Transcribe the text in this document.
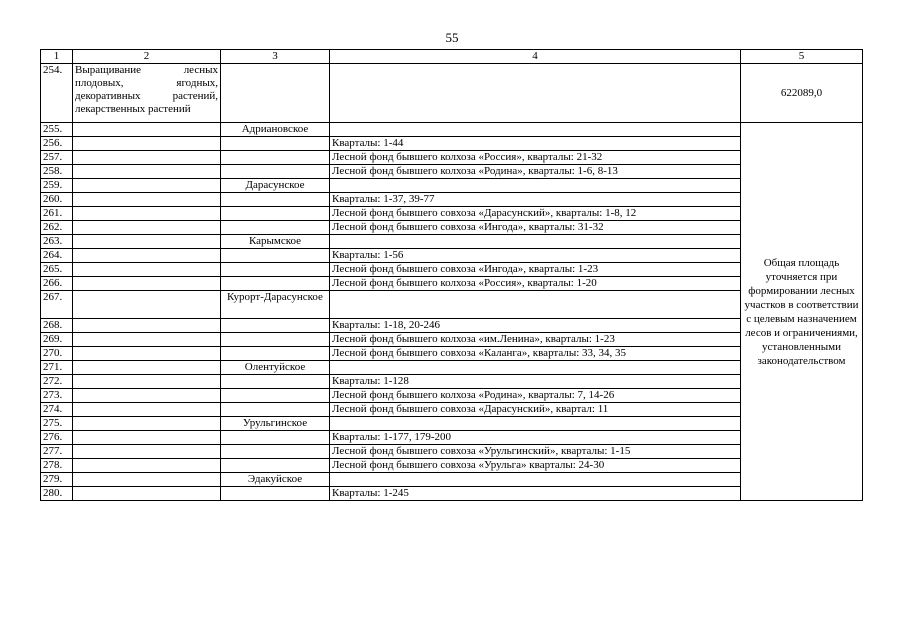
55
1	2	3	4	5
254.	Выращивание лесных плодовых, ягодных, декоративных растений, лекарственных растений			622089,0
255.		Адриановское		Общая площадь уточняется при формировании лесных участков в соответствии с целевым назначением лесов и ограничениями, установленными законодательством
256.			Кварталы: 1-44	
257.			Лесной фонд бывшего колхоза «Россия», кварталы: 21-32	
258.			Лесной фонд бывшего колхоза «Родина», кварталы: 1-6, 8-13	
259.		Дарасунское		

260.			Кварталы: 1-37, 39-77	
261.			Лесной фонд бывшего совхоза «Дарасунский», кварталы: 1-8, 12	
262.			Лесной фонд бывшего совхоза «Ингода», кварталы: 31-32	
263.		Карымское		

264.			Кварталы: 1-56	
265.			Лесной фонд бывшего совхоза «Ингода», кварталы: 1-23	
266.			Лесной фонд бывшего колхоза «Россия», кварталы: 1-20	
267.		Курорт-Дарасунское		

268.			Кварталы: 1-18, 20-246	
269.			Лесной фонд бывшего колхоза «им.Ленина», кварталы: 1-23	
270.			Лесной фонд бывшего совхоза «Каланга», кварталы: 33, 34, 35	
271.		Олентуйское		

272.			Кварталы: 1-128	
273.			Лесной фонд бывшего колхоза «Родина», кварталы: 7, 14-26	
274.			Лесной фонд бывшего совхоза «Дарасунский», квартал: 11	
275.		Урульгинское		

276.			Кварталы: 1-177, 179-200	
277.			Лесной фонд бывшего совхоза «Урульгинский», кварталы: 1-15	
278.			Лесной фонд бывшего совхоза «Урульга» кварталы: 24-30	
279.		Эдакуйское		

280.			Кварталы: 1-245	
